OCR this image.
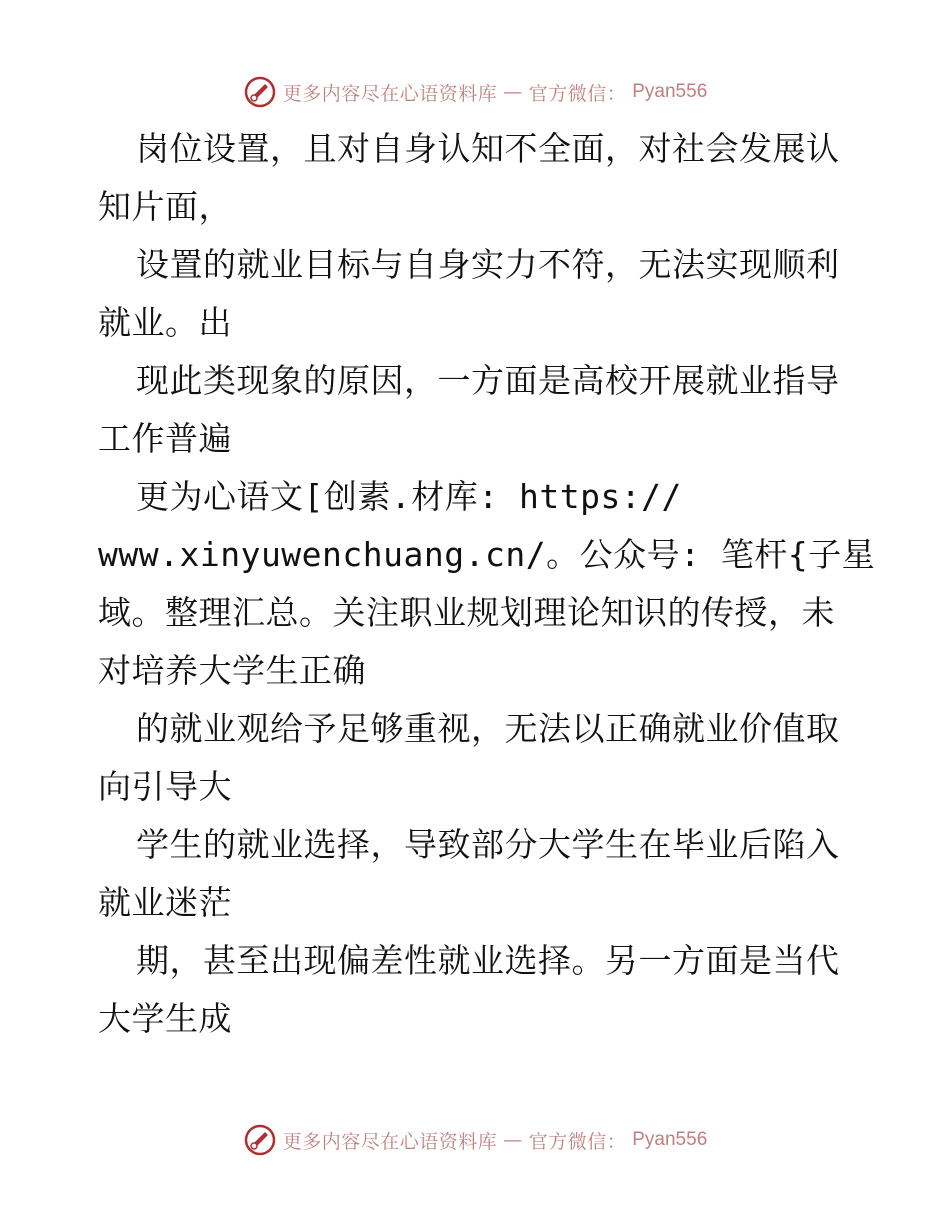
更多内容尽在心语资料库 — 官方微信： Pyan556
岗位设置，且对自身认知不全面，对社会发展认
知片面，
设置的就业目标与自身实力不符，无法实现顺利
就业。出
现此类现象的原因，一方面是高校开展就业指导
工作普遍
更为心语文[创素.材库: https://
www.xinyuwenchuang.cn/。公众号: 笔杆{子星
域。整理汇总。关注职业规划理论知识的传授，未
对培养大学生正确
的就业观给予足够重视，无法以正确就业价值取
向引导大
学生的就业选择，导致部分大学生在毕业后陷入
就业迷茫
期，甚至出现偏差性就业选择。另一方面是当代
大学生成
更多内容尽在心语资料库 — 官方微信： Pyan556
